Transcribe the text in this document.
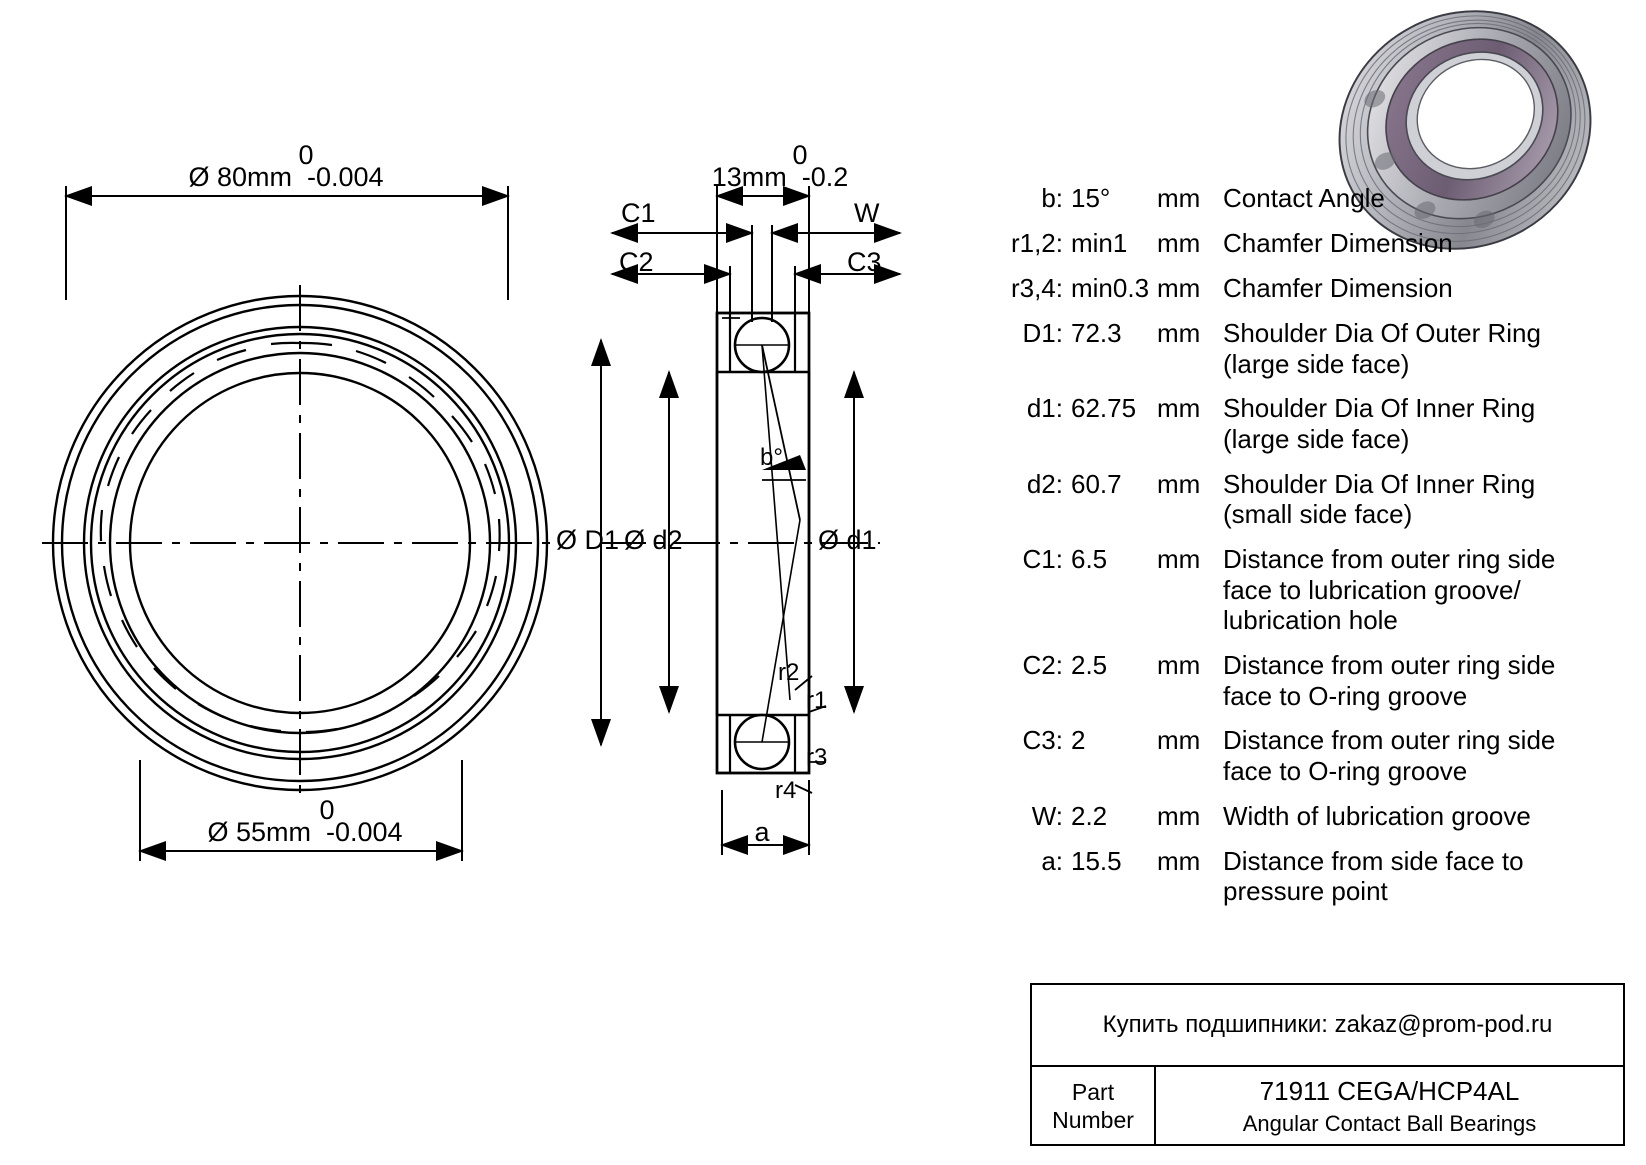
0
Ø 80mm  -0.004
0
Ø 55mm  -0.004
0
13mm  -0.2
C1
C2	C3
W
Ø D1 Ø d2	Ø d1
b°
r2
r1
r3
r4
a
b: 15°	mm Contact Angle
r1,2: min1	mm Chamfer Dimension
r3,4: min0.3 mm Chamfer Dimension
D1: 72.3	mm Shoulder Dia Of Outer Ring (large side face)
d1: 62.75 mm Shoulder Dia Of Inner Ring (large side face)
d2: 60.7	mm Shoulder Dia Of Inner Ring (small side face)
C1: 6.5	mm Distance from outer ring side face to lubrication groove/ lubrication hole
C2: 2.5	mm Distance from outer ring side face to O-ring groove
C3: 2	mm Distance from outer ring side face to O-ring groove
W: 2.2	mm Width of lubrication groove
a: 15.5	mm Distance from side face to pressure point
Купить подшипники: zakaz@prom-pod.ru
Part
Number
71911 CEGA/HCP4AL
Angular Contact Ball Bearings
